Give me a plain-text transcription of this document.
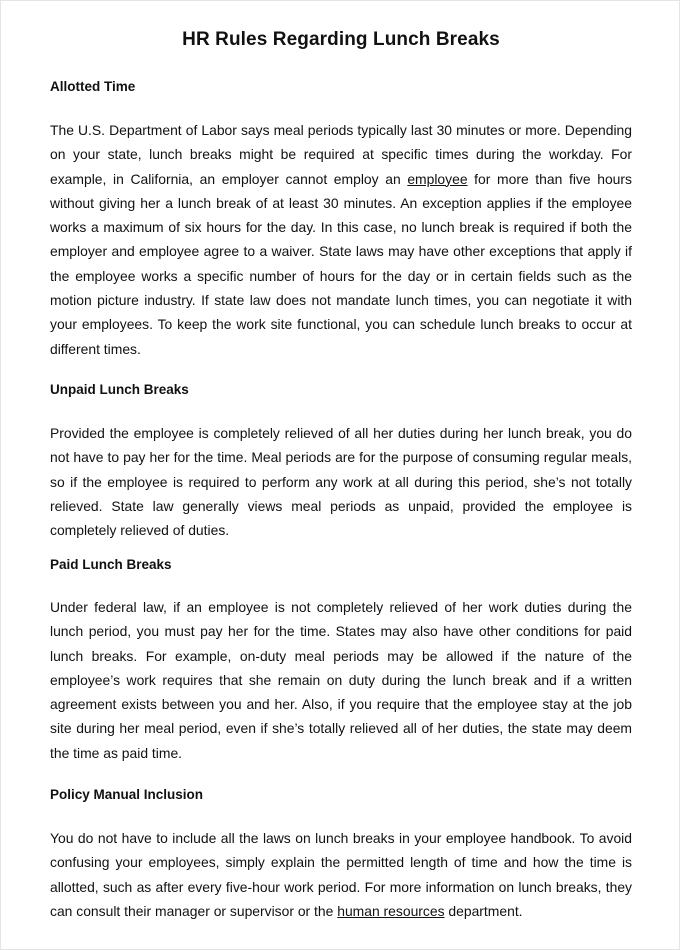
HR Rules Regarding Lunch Breaks
Allotted Time
The U.S. Department of Labor says meal periods typically last 30 minutes or more. Depending on your state, lunch breaks might be required at specific times during the workday. For example, in California, an employer cannot employ an employee for more than five hours without giving her a lunch break of at least 30 minutes. An exception applies if the employee works a maximum of six hours for the day. In this case, no lunch break is required if both the employer and employee agree to a waiver. State laws may have other exceptions that apply if the employee works a specific number of hours for the day or in certain fields such as the motion picture industry. If state law does not mandate lunch times, you can negotiate it with your employees. To keep the work site functional, you can schedule lunch breaks to occur at different times.
Unpaid Lunch Breaks
Provided the employee is completely relieved of all her duties during her lunch break, you do not have to pay her for the time. Meal periods are for the purpose of consuming regular meals, so if the employee is required to perform any work at all during this period, she’s not totally relieved. State law generally views meal periods as unpaid, provided the employee is completely relieved of duties.
Paid Lunch Breaks
Under federal law, if an employee is not completely relieved of her work duties during the lunch period, you must pay her for the time. States may also have other conditions for paid lunch breaks. For example, on-duty meal periods may be allowed if the nature of the employee’s work requires that she remain on duty during the lunch break and if a written agreement exists between you and her. Also, if you require that the employee stay at the job site during her meal period, even if she’s totally relieved all of her duties, the state may deem the time as paid time.
Policy Manual Inclusion
You do not have to include all the laws on lunch breaks in your employee handbook. To avoid confusing your employees, simply explain the permitted length of time and how the time is allotted, such as after every five-hour work period. For more information on lunch breaks, they can consult their manager or supervisor or the human resources department.
